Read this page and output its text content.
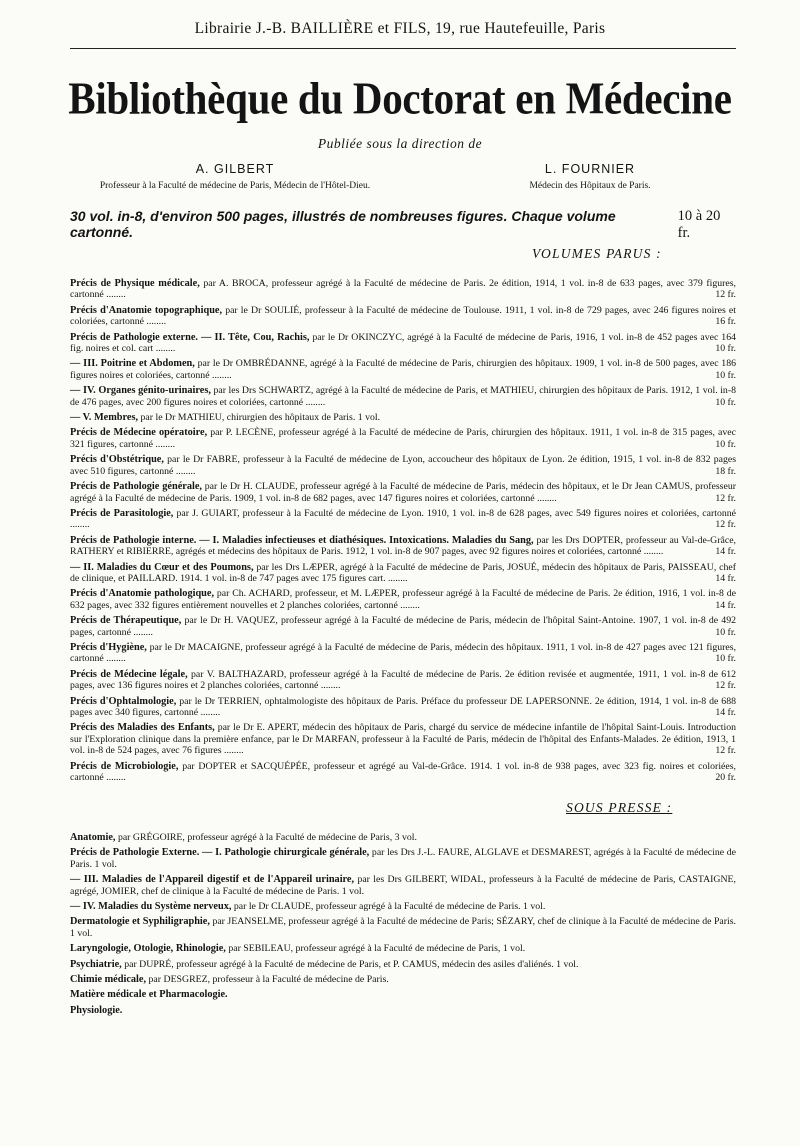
Librairie J.-B. BAILLIÈRE et FILS, 19, rue Hautefeuille, Paris
Bibliothèque du Doctorat en Médecine
Publiée sous la direction de
A. GILBERT
Professeur à la Faculté de médecine de Paris, Médecin de l'Hôtel-Dieu.
L. FOURNIER
Médecin des Hôpitaux de Paris.
30 vol. in-8, d'environ 500 pages, illustrés de nombreuses figures. Chaque volume cartonné.
10 à 20 fr.
VOLUMES PARUS :
Précis de Physique médicale, par A. BROCA, professeur agrégé à la Faculté de médecine de Paris. 2e édition, 1914, 1 vol. in-8 de 633 pages, avec 379 figures, cartonné ........	12 fr.
Précis d'Anatomie topographique, par le Dr SOULIÉ, professeur à la Faculté de médecine de Toulouse. 1911, 1 vol. in-8 de 729 pages, avec 246 figures noires et coloriées, cartonné ........	16 fr.
Précis de Pathologie externe. — II. Tête, Cou, Rachis, par le Dr OKINCZYC, agrégé à la Faculté de médecine de Paris, 1916, 1 vol. in-8 de 452 pages avec 164 fig. noires et col. cart ........	10 fr.
— III. Poitrine et Abdomen, par le Dr OMBRÉDANNE, agrégé à la Faculté de médecine de Paris, chirurgien des hôpitaux. 1909, 1 vol. in-8 de 500 pages, avec 186 figures noires et coloriées, cartonné ........	10 fr.
— IV. Organes génito-urinaires, par les Drs SCHWARTZ, agrégé à la Faculté de médecine de Paris, et MATHIEU, chirurgien des hôpitaux de Paris. 1912, 1 vol. in-8 de 476 pages, avec 200 figures noires et coloriées, cartonné ........	10 fr.
— V. Membres, par le Dr MATHIEU, chirurgien des hôpitaux de Paris. 1 vol.
Précis de Médecine opératoire, par P. LECÈNE, professeur agrégé à la Faculté de médecine de Paris, chirurgien des hôpitaux. 1911, 1 vol. in-8 de 315 pages, avec 321 figures, cartonné ........	10 fr.
Précis d'Obstétrique, par le Dr FABRE, professeur à la Faculté de médecine de Lyon, accoucheur des hôpitaux de Lyon. 2e édition, 1915, 1 vol. in-8 de 832 pages avec 510 figures, cartonné ........	18 fr.
Précis de Pathologie générale, par le Dr H. CLAUDE, professeur agrégé à la Faculté de médecine de Paris, médecin des hôpitaux, et le Dr Jean CAMUS, professeur agrégé à la Faculté de médecine de Paris. 1909, 1 vol. in-8 de 682 pages, avec 147 figures noires et coloriées, cartonné ........	12 fr.
Précis de Parasitologie, par J. GUIART, professeur à la Faculté de médecine de Lyon. 1910, 1 vol. in-8 de 628 pages, avec 549 figures noires et coloriées, cartonné ........	12 fr.
Précis de Pathologie interne. — I. Maladies infectieuses et diathésiques. Intoxications. Maladies du Sang, par les Drs DOPTER, professeur au Val-de-Grâce, RATHERY et RIBIERRE, agrégés et médecins des hôpitaux de Paris. 1912, 1 vol. in-8 de 907 pages, avec 92 figures noires et coloriées, cartonné ........	14 fr.
— II. Maladies du Cœur et des Poumons, par les Drs LÆPER, agrégé à la Faculté de médecine de Paris, JOSUÉ, médecin des hôpitaux de Paris, PAISSEAU, chef de clinique, et PAILLARD. 1914. 1 vol. in-8 de 747 pages avec 175 figures cart. ........	14 fr.
Précis d'Anatomie pathologique, par Ch. ACHARD, professeur, et M. LÆPER, professeur agrégé à la Faculté de médecine de Paris. 2e édition, 1916, 1 vol. in-8 de 632 pages, avec 332 figures entièrement nouvelles et 2 planches coloriées, cartonné ........	14 fr.
Précis de Thérapeutique, par le Dr H. VAQUEZ, professeur agrégé à la Faculté de médecine de Paris, médecin de l'hôpital Saint-Antoine. 1907, 1 vol. in-8 de 492 pages, cartonné ........	10 fr.
Précis d'Hygiène, par le Dr MACAIGNE, professeur agrégé à la Faculté de médecine de Paris, médecin des hôpitaux. 1911, 1 vol. in-8 de 427 pages avec 121 figures, cartonné ........	10 fr.
Précis de Médecine légale, par V. BALTHAZARD, professeur agrégé à la Faculté de médecine de Paris. 2e édition revisée et augmentée, 1911, 1 vol. in-8 de 612 pages, avec 136 figures noires et 2 planches coloriées, cartonné ........	12 fr.
Précis d'Ophtalmologie, par le Dr TERRIEN, ophtalmologiste des hôpitaux de Paris. Préface du professeur DE LAPERSONNE. 2e édition, 1914, 1 vol. in-8 de 688 pages avec 340 figures, cartonné ........	14 fr.
Précis des Maladies des Enfants, par le Dr E. APERT, médecin des hôpitaux de Paris, chargé du service de médecine infantile de l'hôpital Saint-Louis. Introduction sur l'Exploration clinique dans la première enfance, par le Dr MARFAN, professeur à la Faculté de Paris, médecin de l'hôpital des Enfants-Malades. 2e édition, 1913, 1 vol. in-8 de 524 pages, avec 76 figures ........	12 fr.
Précis de Microbiologie, par DOPTER et SACQUÉPÉE, professeur et agrégé au Val-de-Grâce. 1914. 1 vol. in-8 de 938 pages, avec 323 fig. noires et coloriées, cartonné ........	20 fr.
SOUS PRESSE :
Anatomie, par GRÉGOIRE, professeur agrégé à la Faculté de médecine de Paris, 3 vol.
Précis de Pathologie Externe. — I. Pathologie chirurgicale générale, par les Drs J.-L. FAURE, ALGLAVE et DESMAREST, agrégés à la Faculté de médecine de Paris. 1 vol.
— III. Maladies de l'Appareil digestif et de l'Appareil urinaire, par les Drs GILBERT, WIDAL, professeurs à la Faculté de médecine de Paris, CASTAIGNE, agrégé, JOMIER, chef de clinique à la Faculté de médecine de Paris. 1 vol.
— IV. Maladies du Système nerveux, par le Dr CLAUDE, professeur agrégé à la Faculté de médecine de Paris. 1 vol.
Dermatologie et Syphiligraphie, par JEANSELME, professeur agrégé à la Faculté de médecine de Paris; SÉZARY, chef de clinique à la Faculté de médecine de Paris. 1 vol.
Laryngologie, Otologie, Rhinologie, par SEBILEAU, professeur agrégé à la Faculté de médecine de Paris, 1 vol.
Psychiatrie, par DUPRÉ, professeur agrégé à la Faculté de médecine de Paris, et P. CAMUS, médecin des asiles d'aliénés. 1 vol.
Chimie médicale, par DESGREZ, professeur à la Faculté de médecine de Paris.
Matière médicale et Pharmacologie.
Physiologie.
